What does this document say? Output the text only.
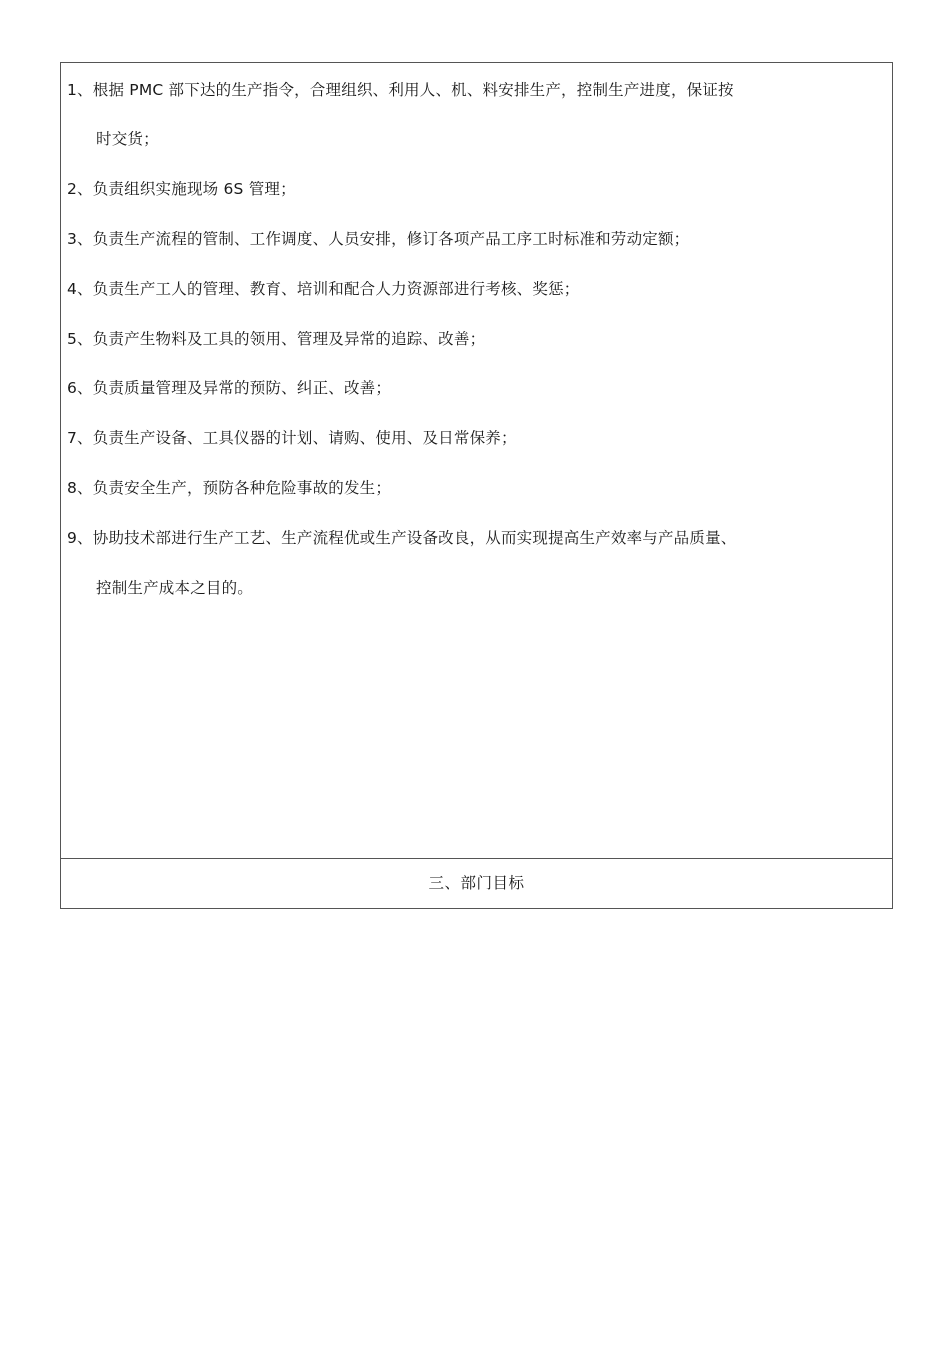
1、根据 PMC 部下达的生产指令，合理组织、利用人、机、料安排生产，控制生产进度，保证按
时交货；
2、负责组织实施现场 6S 管理；
3、负责生产流程的管制、工作调度、人员安排，修订各项产品工序工时标准和劳动定额；
4、负责生产工人的管理、教育、培训和配合人力资源部进行考核、奖惩；
5、负责产生物料及工具的领用、管理及异常的追踪、改善；
6、负责质量管理及异常的预防、纠正、改善；
7、负责生产设备、工具仪器的计划、请购、使用、及日常保养；
8、负责安全生产，预防各种危险事故的发生；
9、协助技术部进行生产工艺、生产流程优或生产设备改良，从而实现提高生产效率与产品质量、
控制生产成本之目的。
三、部门目标
